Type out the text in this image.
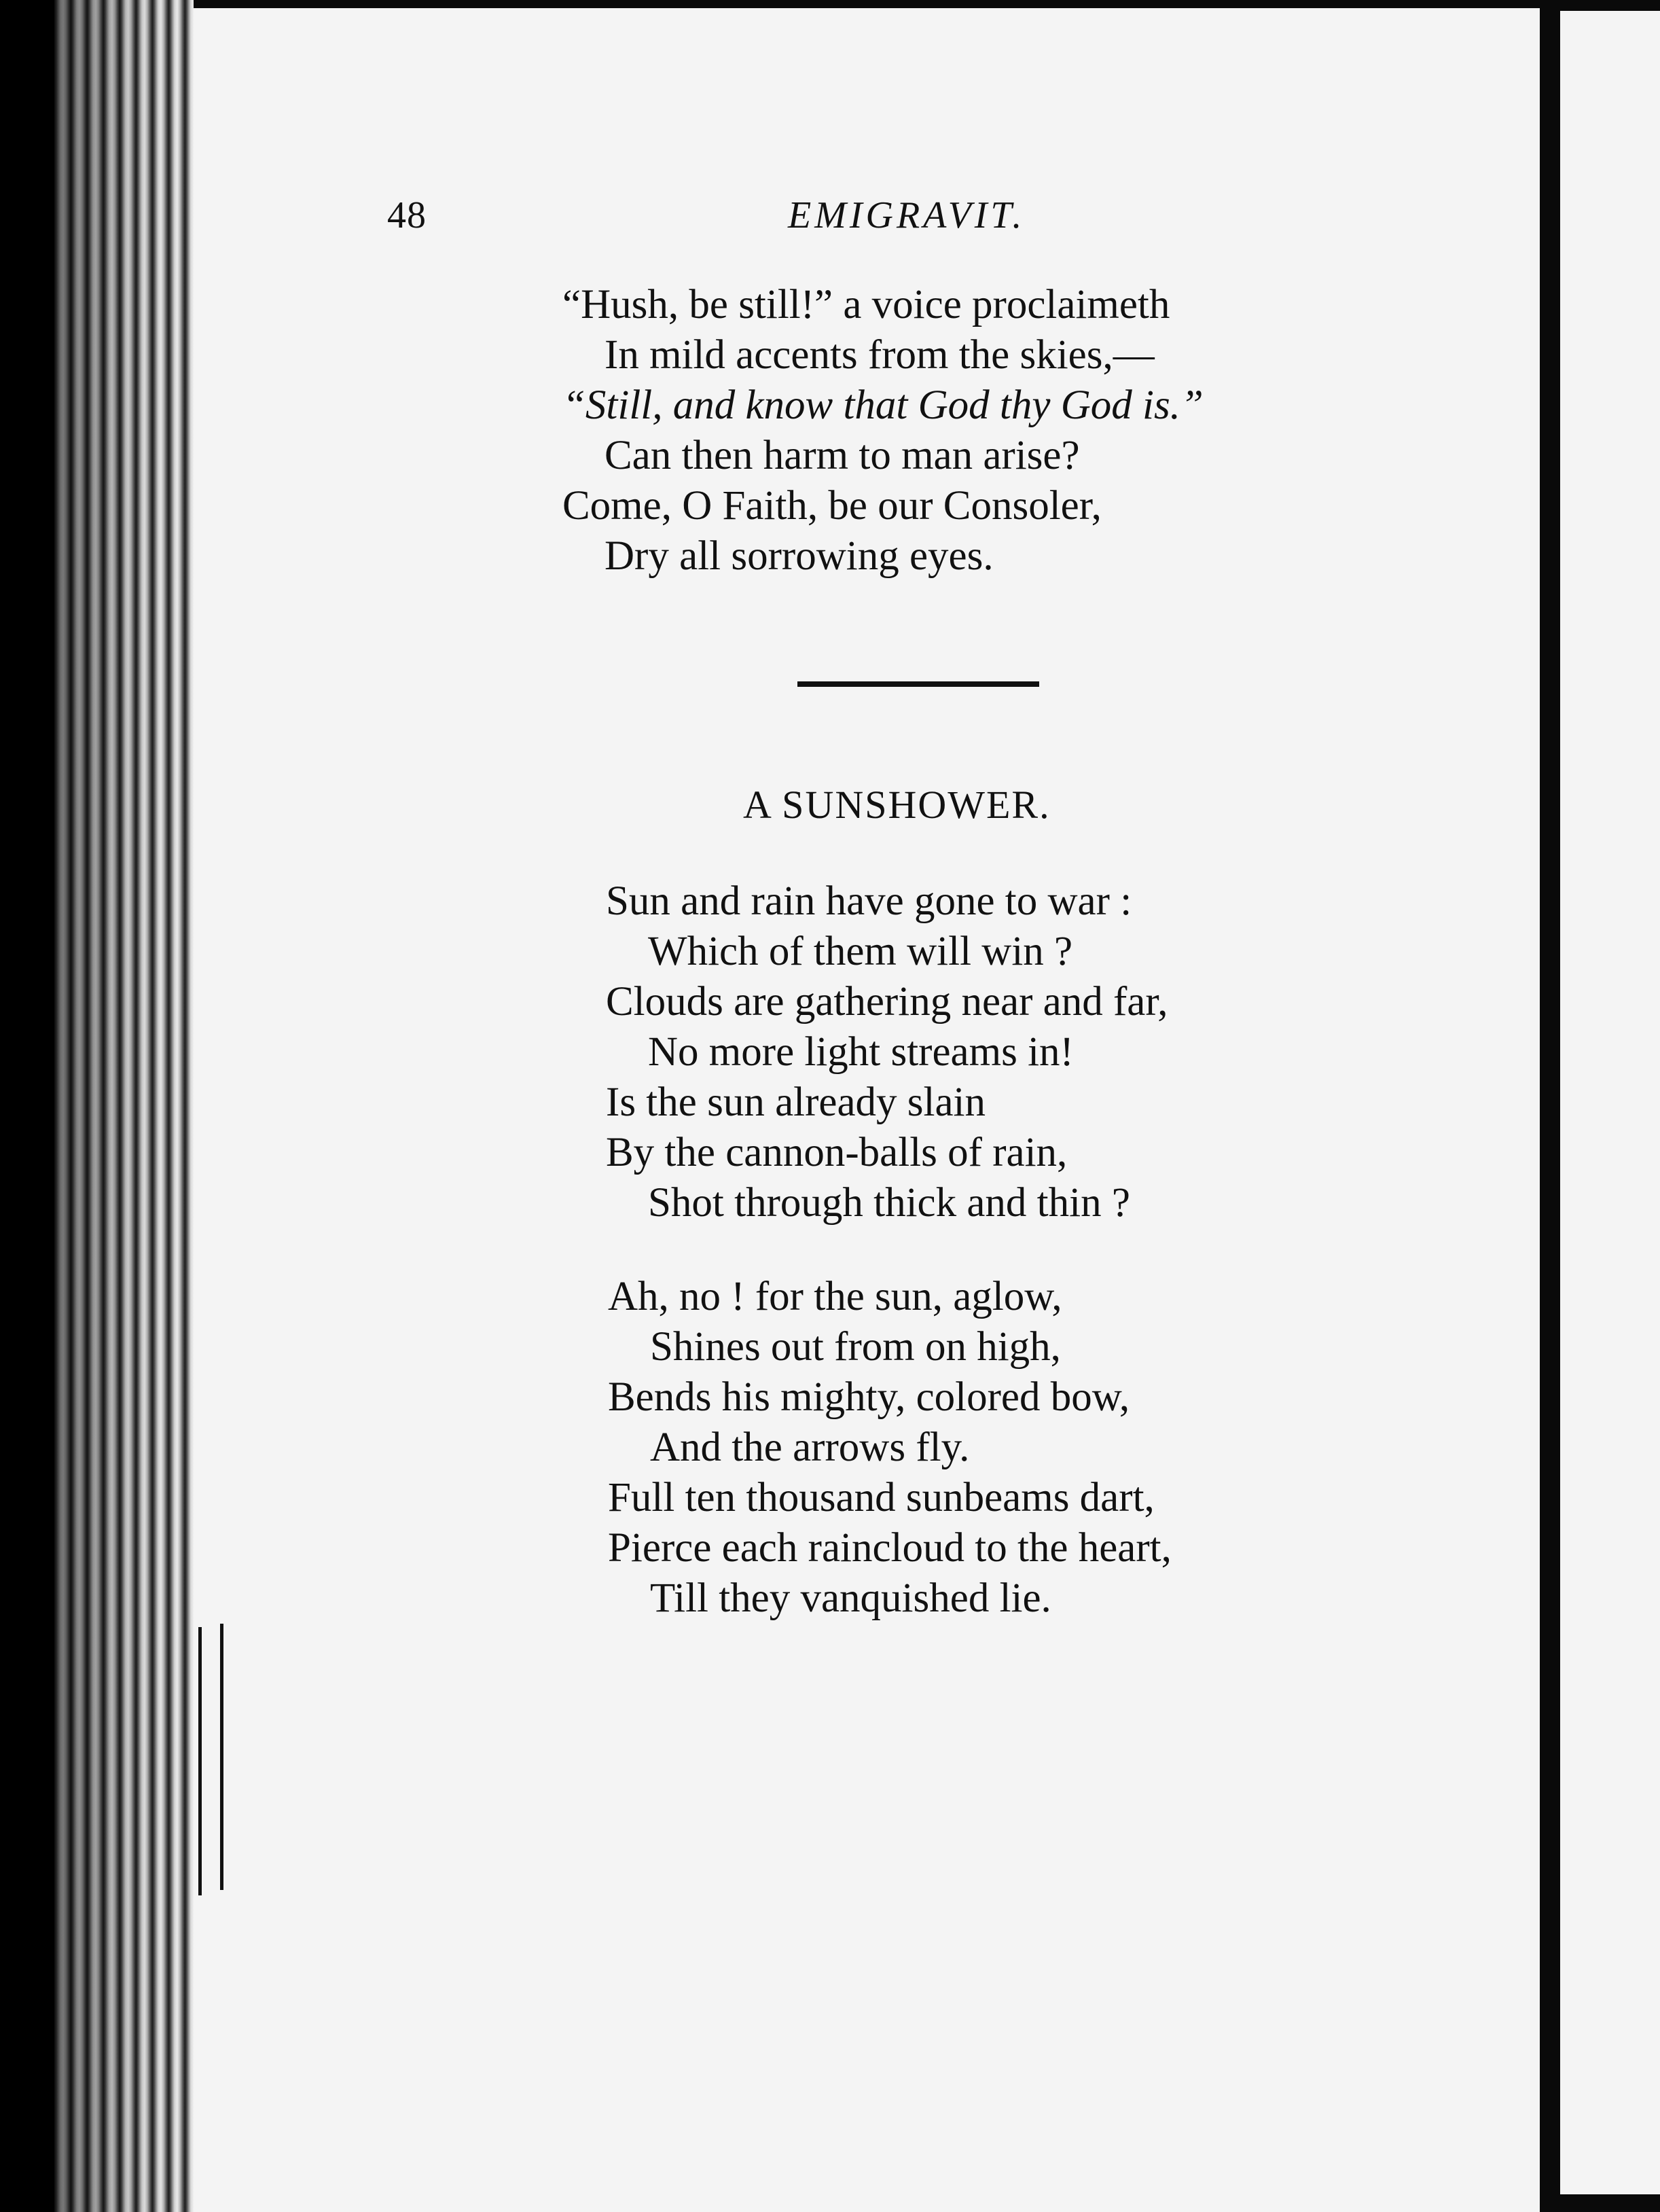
48	EMIGRAVIT.
“Hush, be still!” a voice proclaimeth
In mild accents from the skies,—
“Still, and know that God thy God is.”
Can then harm to man arise?
Come, O Faith, be our Consoler,
Dry all sorrowing eyes.
A SUNSHOWER.
Sun and rain have gone to war :
Which of them will win ?
Clouds are gathering near and far,
No more light streams in!
Is the sun already slain
By the cannon-balls of rain,
Shot through thick and thin ?
Ah, no ! for the sun, aglow,
Shines out from on high,
Bends his mighty, colored bow,
And the arrows fly.
Full ten thousand sunbeams dart,
Pierce each raincloud to the heart,
Till they vanquished lie.
